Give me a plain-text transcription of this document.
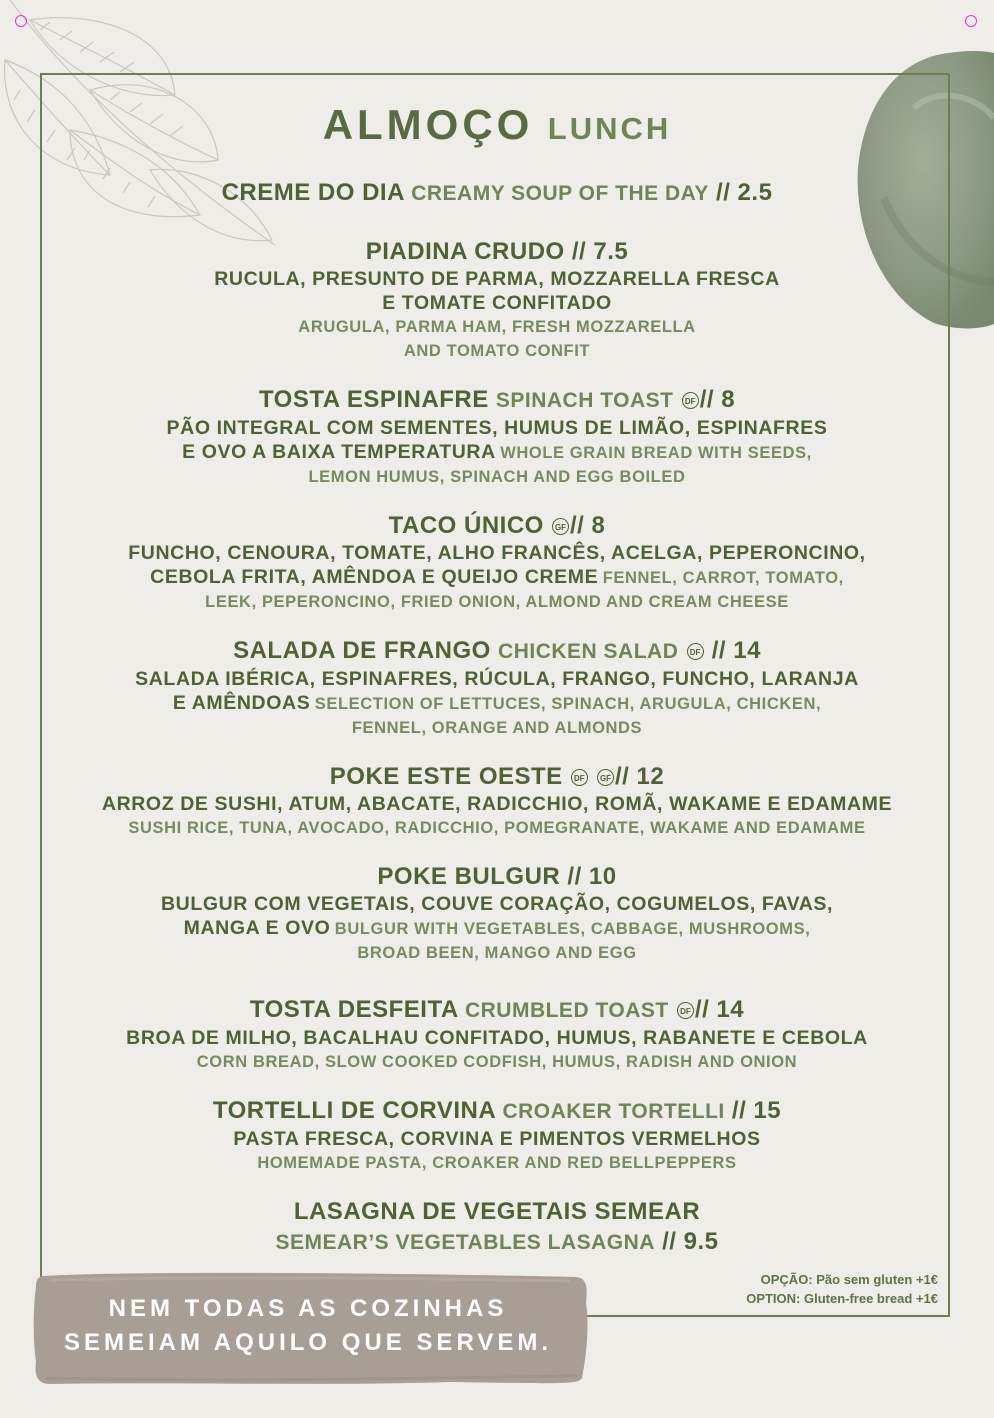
ALMOÇO LUNCH
CREME DO DIA CREAMY SOUP OF THE DAY // 2.5
PIADINA CRUDO // 7.5
RUCULA, PRESUNTO DE PARMA, MOZZARELLA FRESCA
E TOMATE CONFITADO
ARUGULA, PARMA HAM, FRESH MOZZARELLA
AND TOMATO CONFIT
TOSTA ESPINAFRE SPINACH TOAST DF // 8
PÃO INTEGRAL COM SEMENTES, HUMUS DE LIMÃO, ESPINAFRES
E OVO A BAIXA TEMPERATURA WHOLE GRAIN BREAD WITH SEEDS,
LEMON HUMUS, SPINACH AND EGG BOILED
TACO ÚNICO GF // 8
FUNCHO, CENOURA, TOMATE, ALHO FRANCÊS, ACELGA, PEPERONCINO,
CEBOLA FRITA, AMÊNDOA E QUEIJO CREME FENNEL, CARROT, TOMATO,
LEEK, PEPERONCINO, FRIED ONION, ALMOND AND CREAM CHEESE
SALADA DE FRANGO CHICKEN SALAD DF // 14
SALADA IBÉRICA, ESPINAFRES, RÚCULA, FRANGO, FUNCHO, LARANJA
E AMÊNDOAS SELECTION OF LETTUCES, SPINACH, ARUGULA, CHICKEN,
FENNEL, ORANGE AND ALMONDS
POKE ESTE OESTE DF GF // 12
ARROZ DE SUSHI, ATUM, ABACATE, RADICCHIO, ROMÃ, WAKAME E EDAMAME
SUSHI RICE, TUNA, AVOCADO, RADICCHIO, POMEGRANATE, WAKAME AND EDAMAME
POKE BULGUR // 10
BULGUR COM VEGETAIS, COUVE CORAÇÃO, COGUMELOS, FAVAS,
MANGA E OVO BULGUR WITH VEGETABLES, CABBAGE, MUSHROOMS,
BROAD BEEN, MANGO AND EGG
TOSTA DESFEITA CRUMBLED TOAST DF // 14
BROA DE MILHO, BACALHAU CONFITADO, HUMUS, RABANETE E CEBOLA
CORN BREAD, SLOW COOKED CODFISH, HUMUS, RADISH AND ONION
TORTELLI DE CORVINA CROAKER TORTELLI // 15
PASTA FRESCA, CORVINA E PIMENTOS VERMELHOS
HOMEMADE PASTA, CROAKER AND RED BELLPEPPERS
LASAGNA DE VEGETAIS SEMEAR
SEMEAR’S VEGETABLES LASAGNA // 9.5
OPÇÃO: Pão sem gluten +1€
OPTION: Gluten-free bread +1€
NEM TODAS AS COZINHAS
SEMEIAM AQUILO QUE SERVEM.
